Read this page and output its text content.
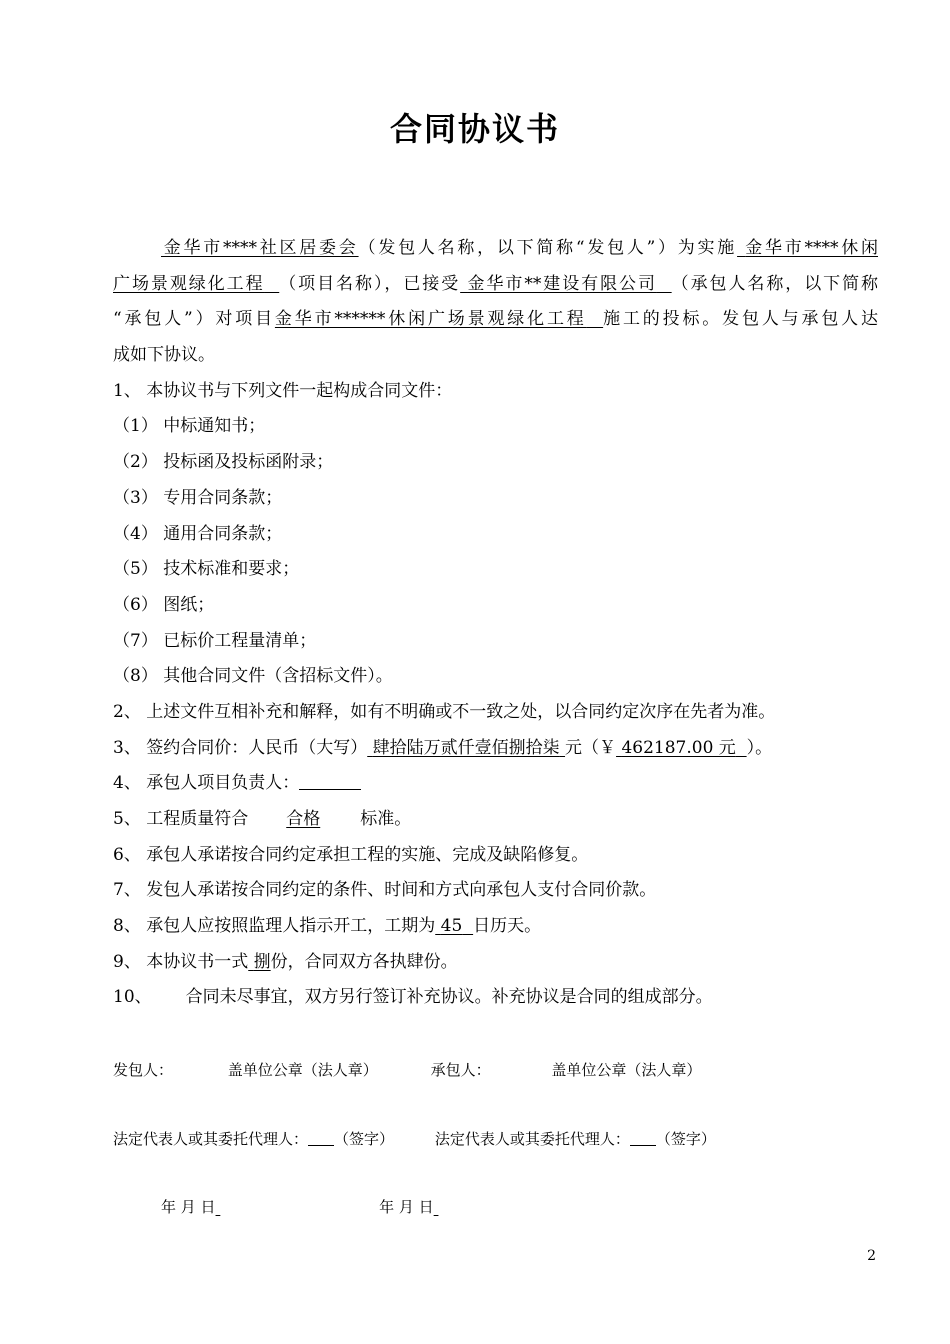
合同协议书
金华市****社区居委会（发包人名称，以下简称“发包人”）为实施 金华市****休闲
广场景观绿化工程 （项目名称），已接受 金华市**建设有限公司 （承包人名称，以下简称
“承包人”）对项目金华市******休闲广场景观绿化工程 施工的投标。发包人与承包人达
成如下协议。
1、 本协议书与下列文件一起构成合同文件：
（1） 中标通知书；
（2） 投标函及投标函附录；
（3） 专用合同条款；
（4） 通用合同条款；
（5） 技术标准和要求；
（6） 图纸；
（7） 已标价工程量清单；
（8） 其他合同文件（含招标文件）。
2、 上述文件互相补充和解释，如有不明确或不一致之处，以合同约定次序在先者为准。
3、 签约合同价：人民币（大写） 肆拾陆万贰仟壹佰捌拾柒 元（￥ 462187.00 元 ）。
4、 承包人项目负责人：
5、 工程质量符合 合格 标准。
6、 承包人承诺按合同约定承担工程的实施、完成及缺陷修复。
7、 发包人承诺按合同约定的条件、时间和方式向承包人支付合同价款。
8、 承包人应按照监理人指示开工，工期为 45 日历天。
9、 本协议书一式 捌份，合同双方各执肆份。
10、 合同未尽事宜，双方另行签订补充协议。补充协议是合同的组成部分。
发包人：	盖单位公章（法人章）	承包人：	盖单位公章（法人章）
法定代表人或其委托代理人： （签字）	法定代表人或其委托代理人： （签字）
年 月 日	年 月 日
2
